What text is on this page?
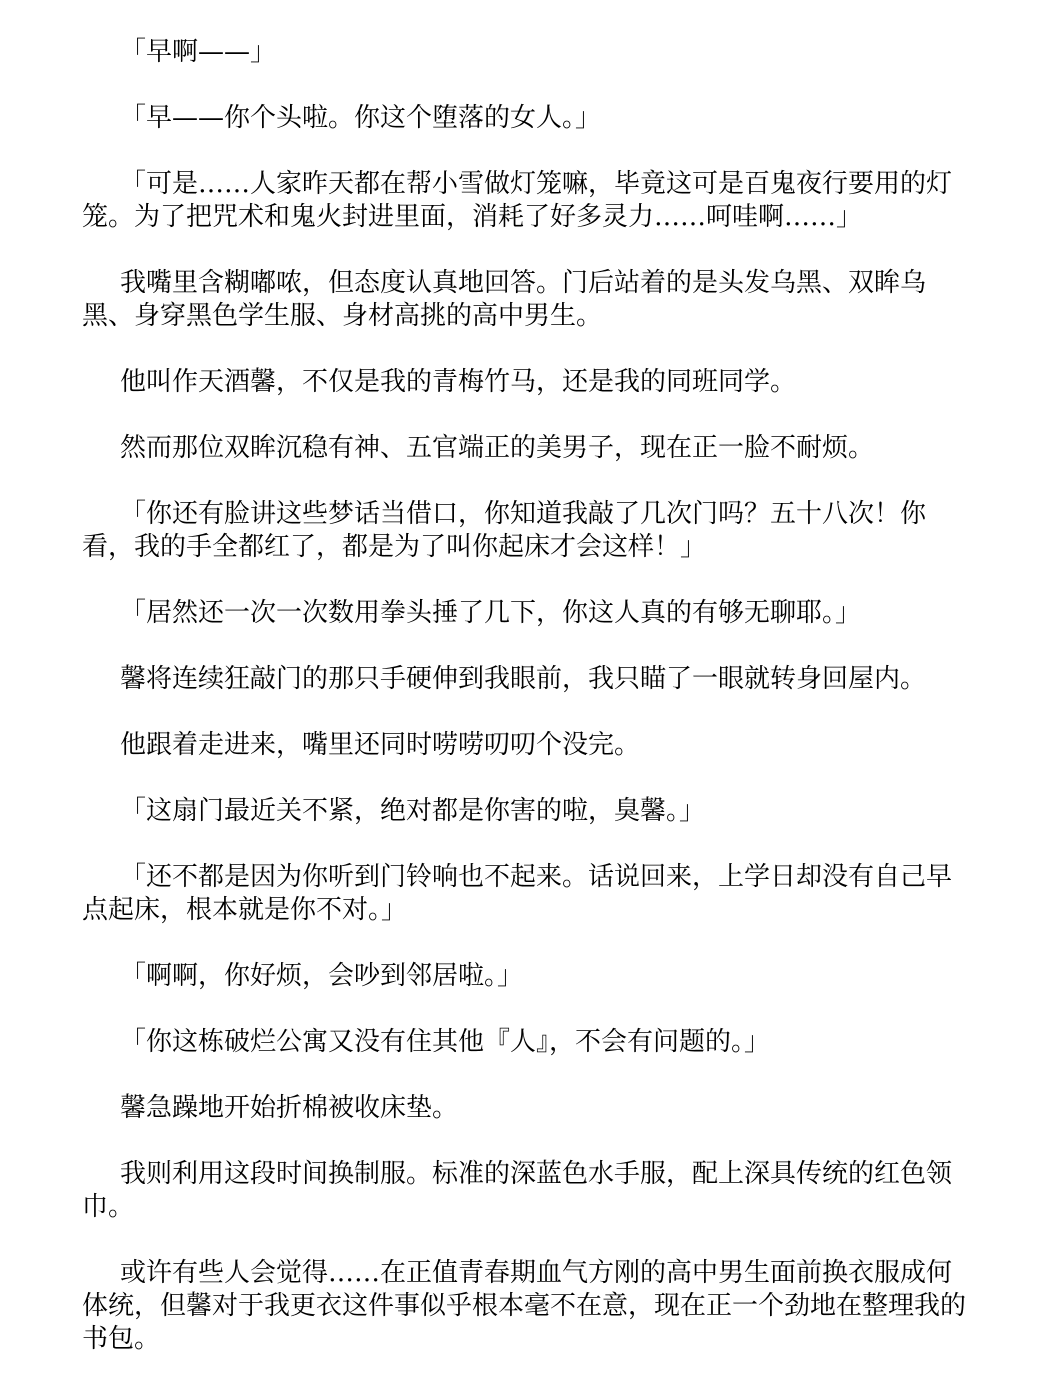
「早啊——」

「早——你个头啦。你这个堕落的女人。」

「可是……人家昨天都在帮小雪做灯笼嘛，毕竟这可是百鬼夜行要用的灯笼。为了把咒术和鬼火封进里面，消耗了好多灵力……呵哇啊……」

我嘴里含糊嘟哝，但态度认真地回答。门后站着的是头发乌黑、双眸乌黑、身穿黑色学生服、身材高挑的高中男生。

他叫作天酒馨，不仅是我的青梅竹马，还是我的同班同学。

然而那位双眸沉稳有神、五官端正的美男子，现在正一脸不耐烦。

「你还有脸讲这些梦话当借口，你知道我敲了几次门吗？五十八次！你看，我的手全都红了，都是为了叫你起床才会这样！」

「居然还一次一次数用拳头捶了几下，你这人真的有够无聊耶。」

馨将连续狂敲门的那只手硬伸到我眼前，我只瞄了一眼就转身回屋内。

他跟着走进来，嘴里还同时唠唠叨叨个没完。

「这扇门最近关不紧，绝对都是你害的啦，臭馨。」

「还不都是因为你听到门铃响也不起来。话说回来，上学日却没有自己早点起床，根本就是你不对。」

「啊啊，你好烦，会吵到邻居啦。」

「你这栋破烂公寓又没有住其他『人』，不会有问题的。」

馨急躁地开始折棉被收床垫。

我则利用这段时间换制服。标准的深蓝色水手服，配上深具传统的红色领巾。

或许有些人会觉得……在正值青春期血气方刚的高中男生面前换衣服成何体统，但馨对于我更衣这件事似乎根本毫不在意，现在正一个劲地在整理我的书包。
